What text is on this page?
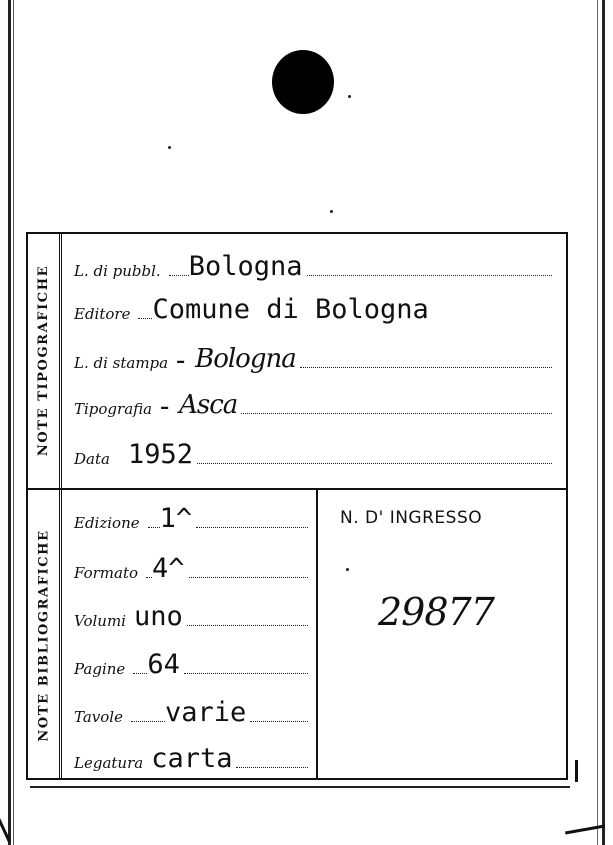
NOTE TIPOGRAFICHE
NOTE BIBLIOGRAFICHE
L. di pubbl. Bologna
Editore Comune di Bologna
L. di stampa – Bologna
Tipografia – Asca
Data 1952
Edizione 1^
Formato 4^
Volumi uno
Pagine 64
Tavole varie
Legatura carta
N. D' INGRESSO
29877
